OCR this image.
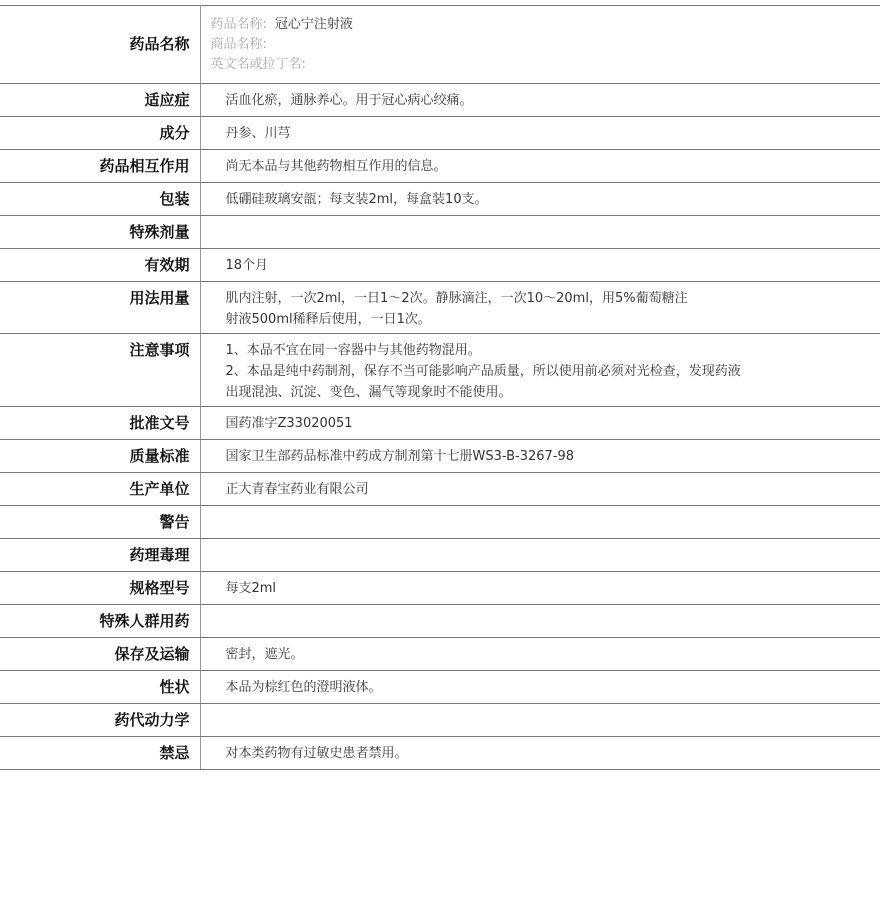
药品名称	药品名称: 冠心宁注射液
商品名称:
英文名或拉丁名:

适应症	活血化瘀，通脉养心。用于冠心病心绞痛。
成分	丹参、川芎
药品相互作用	尚无本品与其他药物相互作用的信息。
包装	低硼硅玻璃安瓿；每支装2ml，每盒装10支。
特殊剂量	
有效期	18个月
用法用量	肌内注射，一次2ml，一日1～2次。静脉滴注，一次10～20ml，用5%葡萄糖注
射液500ml稀释后使用，一日1次。

注意事项	1、本品不宜在同一容器中与其他药物混用。
2、本品是纯中药制剂，保存不当可能影响产品质量，所以使用前必须对光检查，发现药液
出现混浊、沉淀、变色、漏气等现象时不能使用。

批准文号	国药准字Z33020051
质量标准	国家卫生部药品标准中药成方制剂第十七册WS3-B-3267-98
生产单位	正大青春宝药业有限公司
警告	
药理毒理	
规格型号	每支2ml
特殊人群用药	
保存及运输	密封，遮光。
性状	本品为棕红色的澄明液体。
药代动力学	
禁忌	对本类药物有过敏史患者禁用。
